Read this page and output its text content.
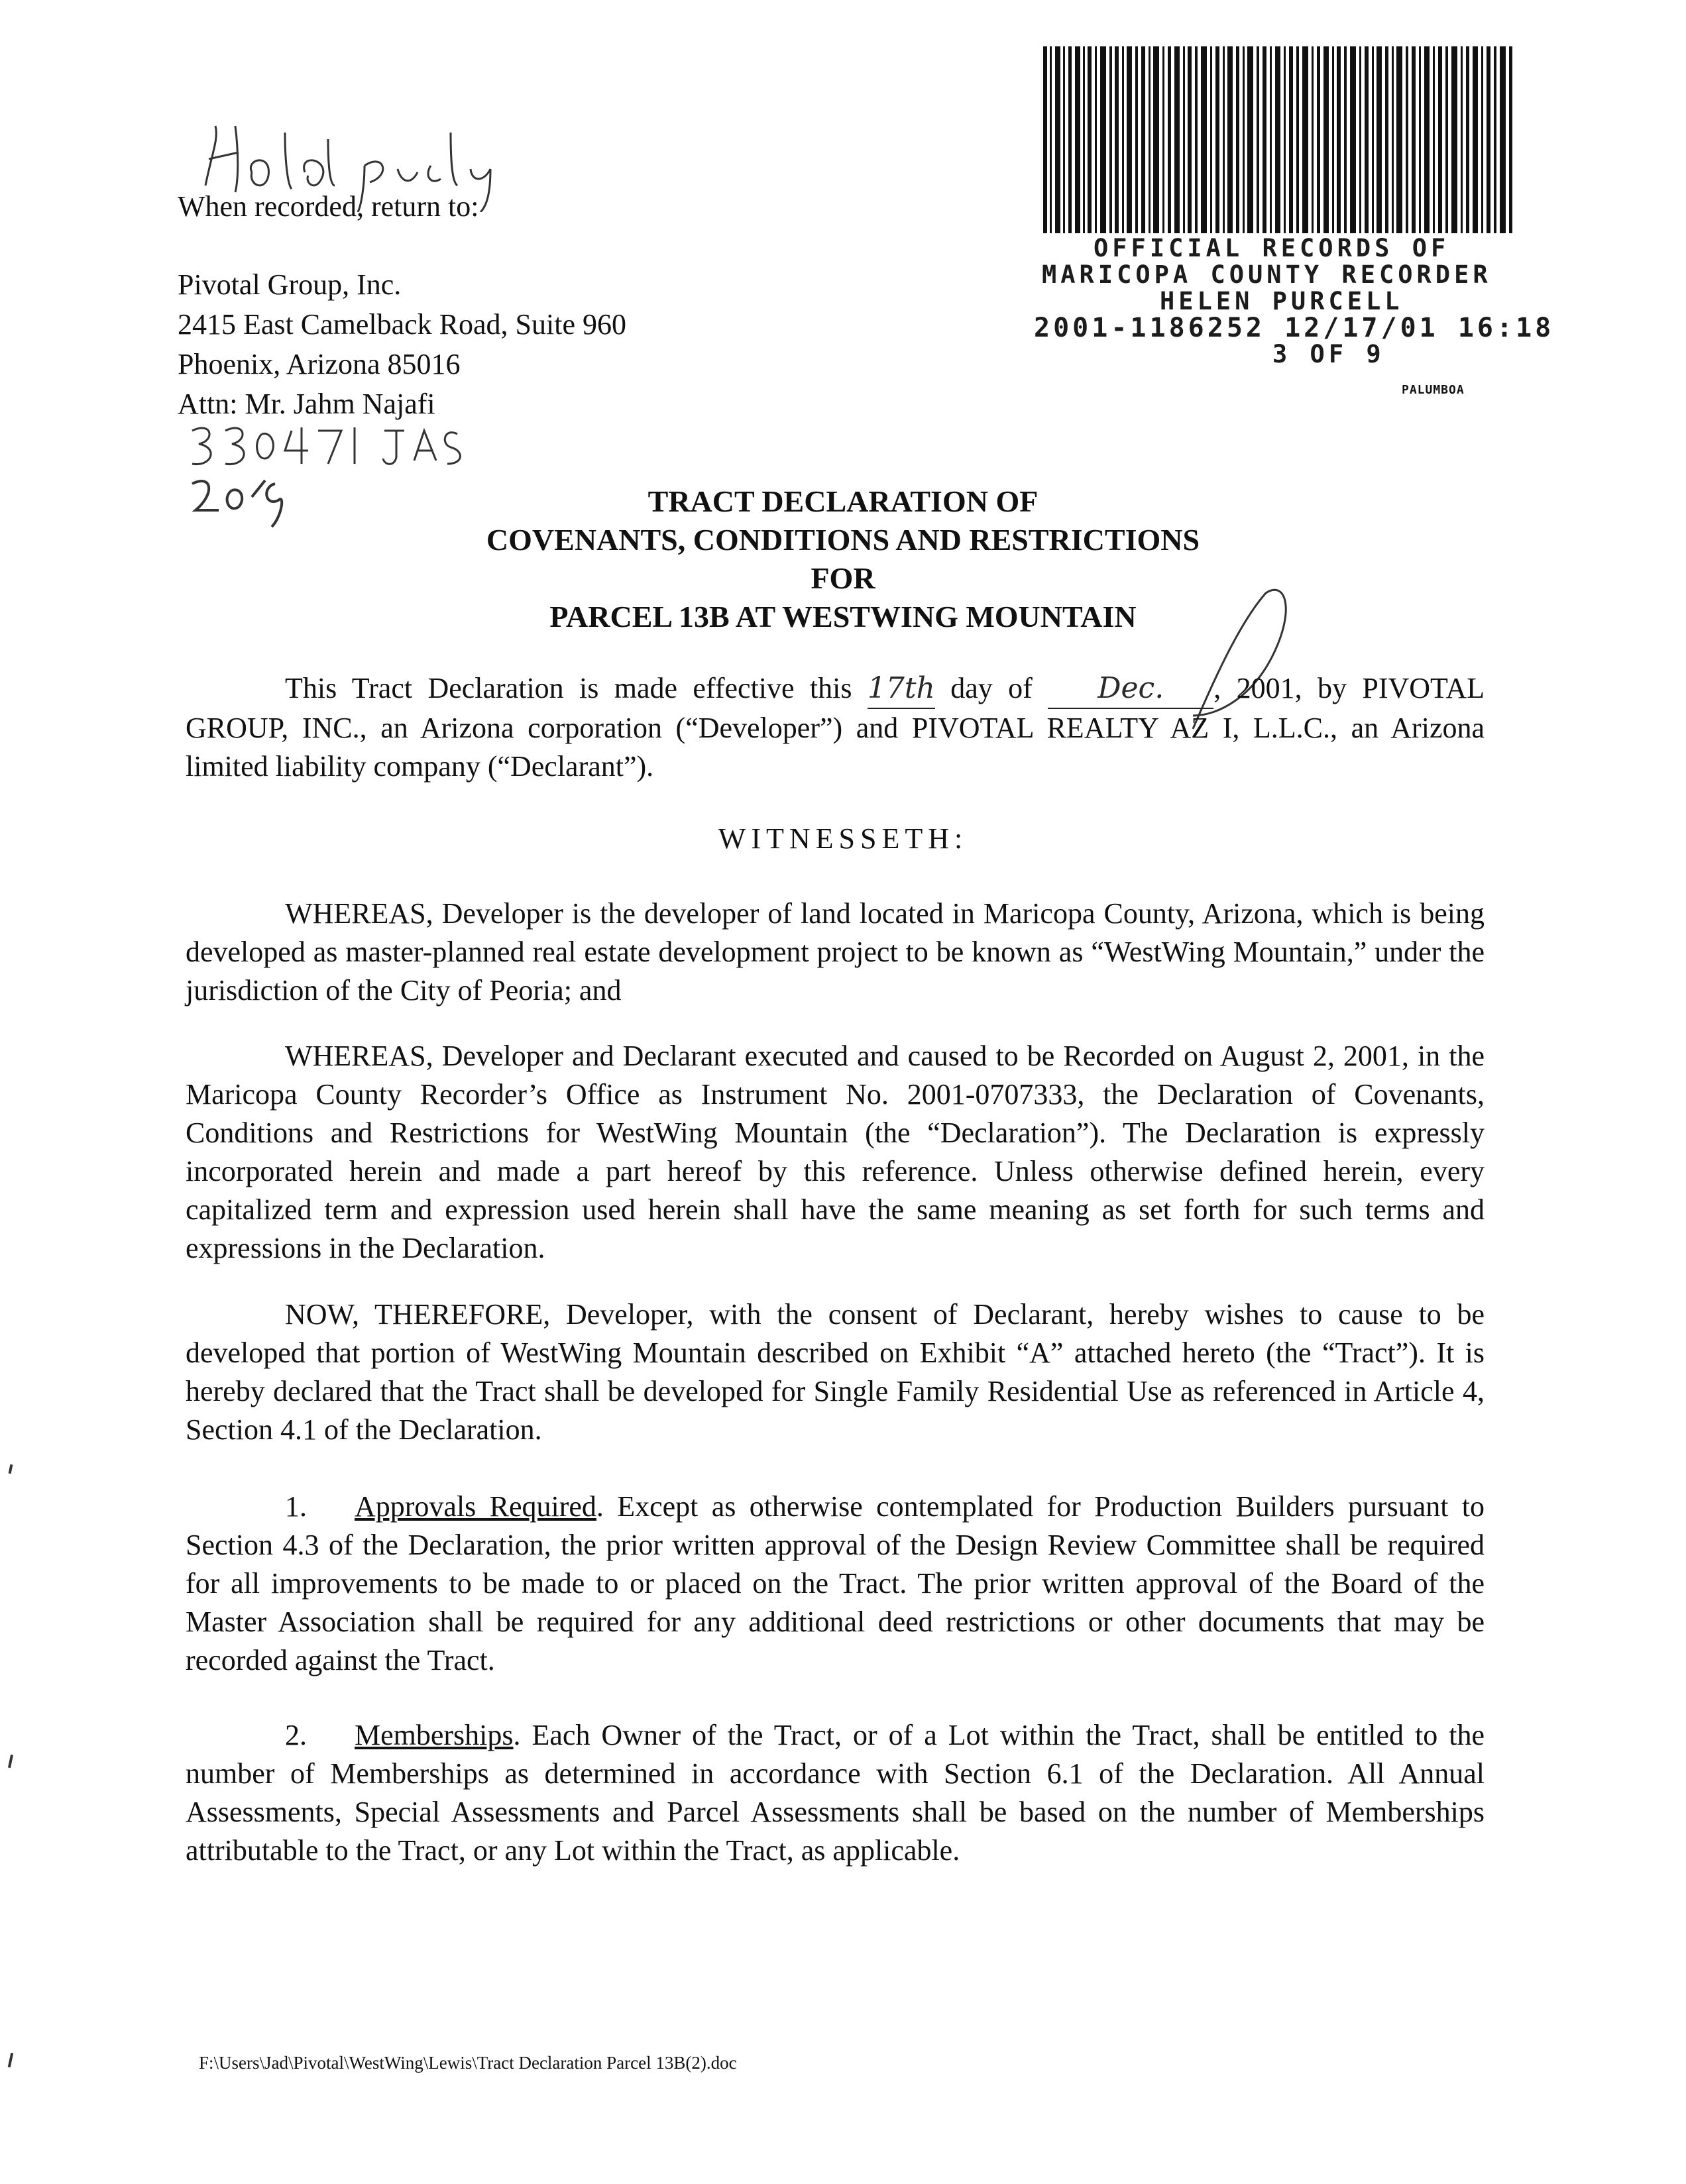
When recorded, return to:
Pivotal Group, Inc.
2415 East Camelback Road, Suite 960
Phoenix, Arizona 85016
Attn: Mr. Jahm Najafi
OFFICIAL RECORDS OF
MARICOPA COUNTY RECORDER
HELEN PURCELL
2001-1186252 12/17/01 16:18
3 OF 9
PALUMBOA
TRACT DECLARATION OF
COVENANTS, CONDITIONS AND RESTRICTIONS
FOR
PARCEL 13B AT WESTWING MOUNTAIN
This Tract Declaration is made effective this 17th day of Dec. , 2001, by PIVOTAL GROUP, INC., an Arizona corporation (“Developer”) and PIVOTAL REALTY AZ I, L.L.C., an Arizona limited liability company (“Declarant”).
WITNESSETH:
WHEREAS, Developer is the developer of land located in Maricopa County, Arizona, which is being developed as master-planned real estate development project to be known as “WestWing Mountain,” under the jurisdiction of the City of Peoria; and
WHEREAS, Developer and Declarant executed and caused to be Recorded on August 2, 2001, in the Maricopa County Recorder’s Office as Instrument No. 2001-0707333, the Declaration of Covenants, Conditions and Restrictions for WestWing Mountain (the “Declaration”). The Declaration is expressly incorporated herein and made a part hereof by this reference. Unless otherwise defined herein, every capitalized term and expression used herein shall have the same meaning as set forth for such terms and expressions in the Declaration.
NOW, THEREFORE, Developer, with the consent of Declarant, hereby wishes to cause to be developed that portion of WestWing Mountain described on Exhibit “A” attached hereto (the “Tract”). It is hereby declared that the Tract shall be developed for Single Family Residential Use as referenced in Article 4, Section 4.1 of the Declaration.
1. Approvals Required. Except as otherwise contemplated for Production Builders pursuant to Section 4.3 of the Declaration, the prior written approval of the Design Review Committee shall be required for all improvements to be made to or placed on the Tract. The prior written approval of the Board of the Master Association shall be required for any additional deed restrictions or other documents that may be recorded against the Tract.
2. Memberships. Each Owner of the Tract, or of a Lot within the Tract, shall be entitled to the number of Memberships as determined in accordance with Section 6.1 of the Declaration. All Annual Assessments, Special Assessments and Parcel Assessments shall be based on the number of Memberships attributable to the Tract, or any Lot within the Tract, as applicable.
F:\Users\Jad\Pivotal\WestWing\Lewis\Tract Declaration Parcel 13B(2).doc
